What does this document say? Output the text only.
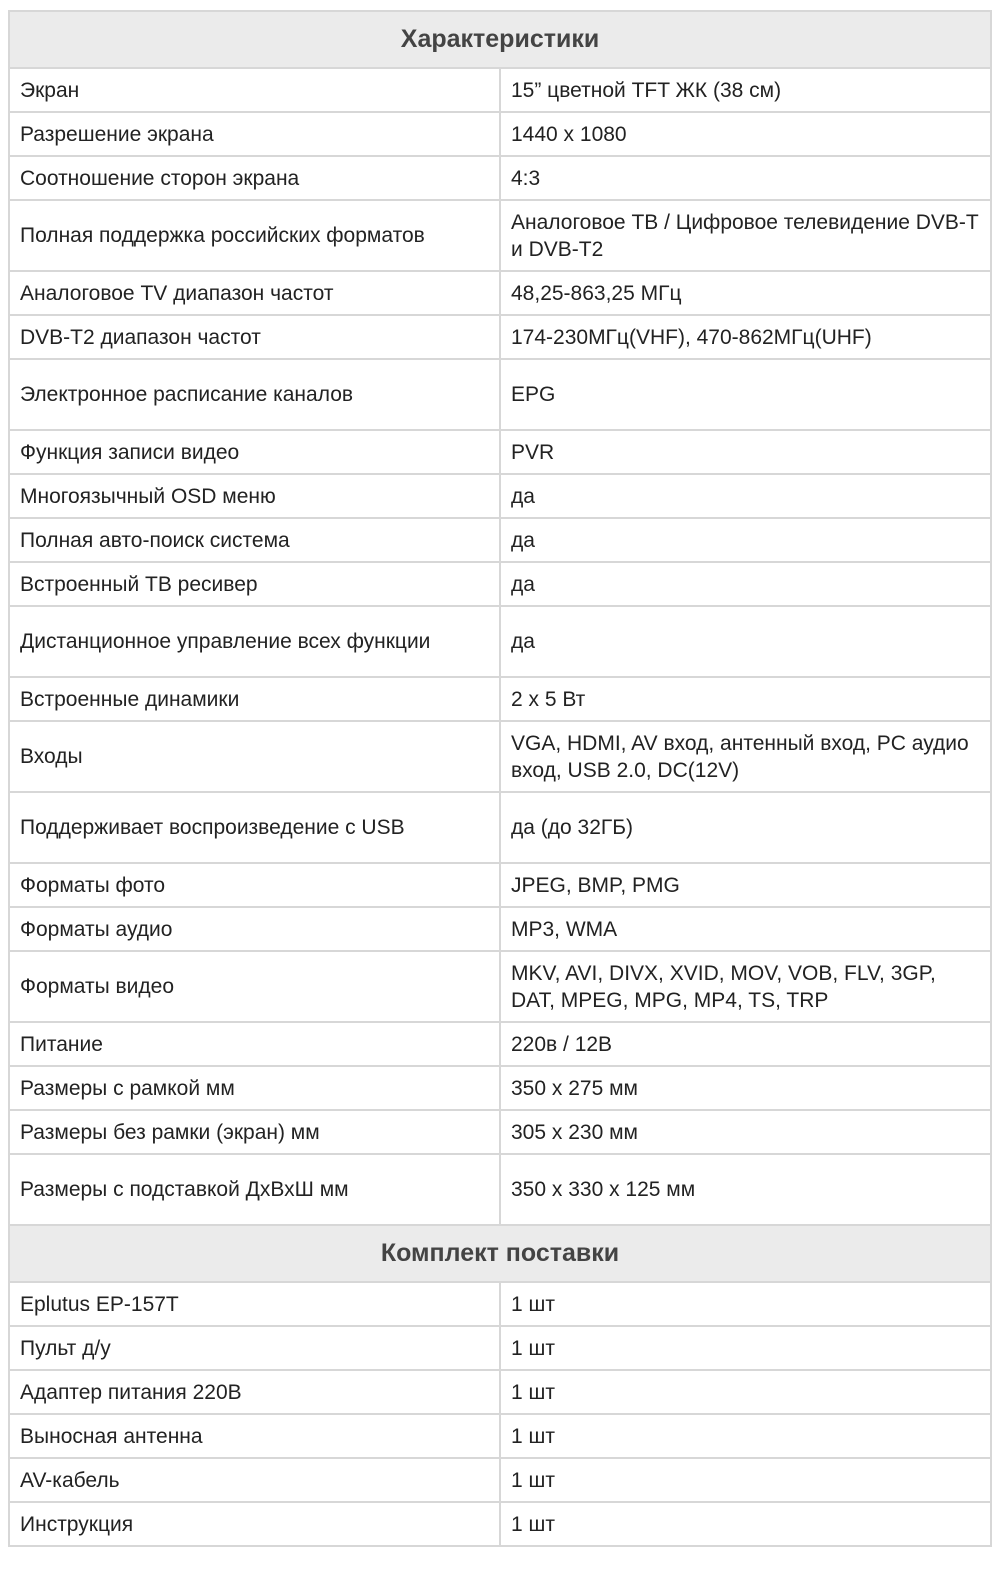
Характеристики	
Экран	15” цветной TFT ЖК (38 см)
Разрешение экрана	1440 x 1080
Соотношение сторон экрана	4:3
Полная поддержка российских форматов	Аналоговое ТВ / Цифровое телевидение DVB-T и DVB-T2
Аналоговое TV диапазон частот	48,25-863,25 МГц
DVB-T2 диапазон частот	174-230МГц(VHF), 470-862МГц(UHF)
Электронное расписание каналов	EPG
Функция записи видео	PVR
Многоязычный OSD меню	да
Полная авто-поиск система	да
Встроенный ТВ ресивер	да
Дистанционное управление всех функции	да
Встроенные динамики	2 x 5 Вт
Входы	VGA, HDMI, AV вход, антенный вход, PC аудио вход, USB 2.0, DC(12V)
Поддерживает воспроизведение с USB	да (до 32ГБ)
Форматы фото	JPEG, BMP, PMG
Форматы аудио	MP3, WMA
Форматы видео	MKV, AVI, DIVX, XVID, MOV, VOB, FLV, 3GP, DAT, MPEG, MPG, MP4, TS, TRP
Питание	220в / 12В
Размеры с рамкой мм	350 x 275 мм
Размеры без рамки (экран) мм	305 x 230 мм
Размеры с подставкой ДхВхШ мм	350 x 330 x 125 мм
Комплект поставки	
Eplutus EP-157T	1 шт
Пульт д/у	1 шт
Адаптер питания 220В	1 шт
Выносная антенна	1 шт
AV-кабель	1 шт
Инструкция	1 шт
